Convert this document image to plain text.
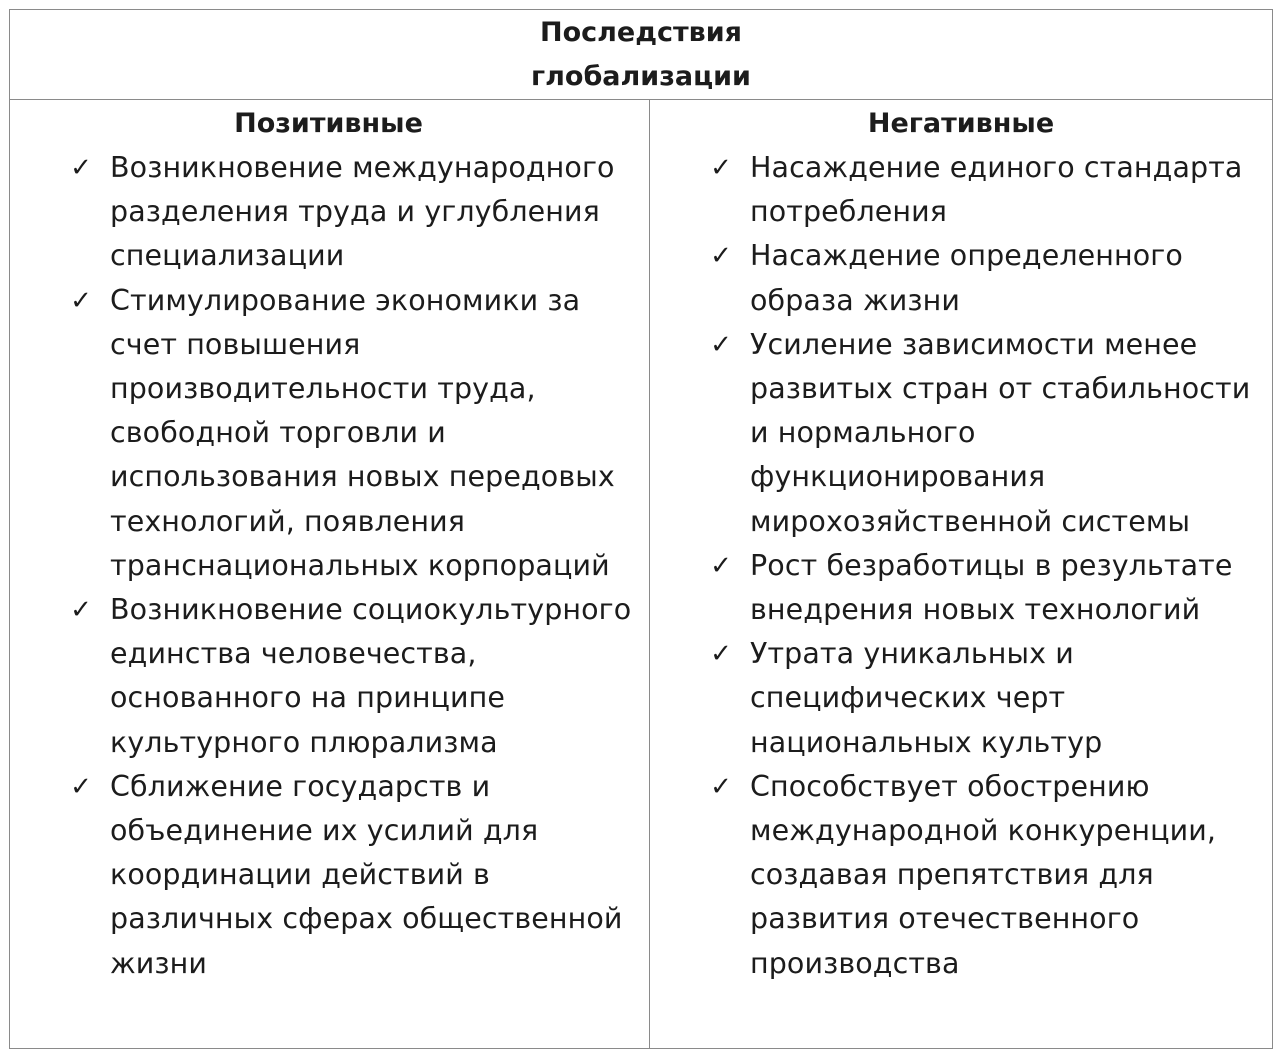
Последствия
глобализации
Позитивные
✓ Возникновение международного
разделения труда и углубления
специализации
✓ Стимулирование экономики за
счет повышения
производительности труда,
свободной торговли и
использования новых передовых
технологий, появления
транснациональных корпораций
✓ Возникновение социокультурного
единства человечества,
основанного на принципе
культурного плюрализма
✓ Сближение государств и
объединение их усилий для
координации действий в
различных сферах общественной
жизни
Негативные
✓ Насаждение единого стандарта
потребления
✓ Насаждение определенного
образа жизни
✓ Усиление зависимости менее
развитых стран от стабильности
и нормального
функционирования
мирохозяйственной системы
✓ Рост безработицы в результате
внедрения новых технологий
✓ Утрата уникальных и
специфических черт
национальных культур
✓ Способствует обострению
международной конкуренции,
создавая препятствия для
развития отечественного
производства
